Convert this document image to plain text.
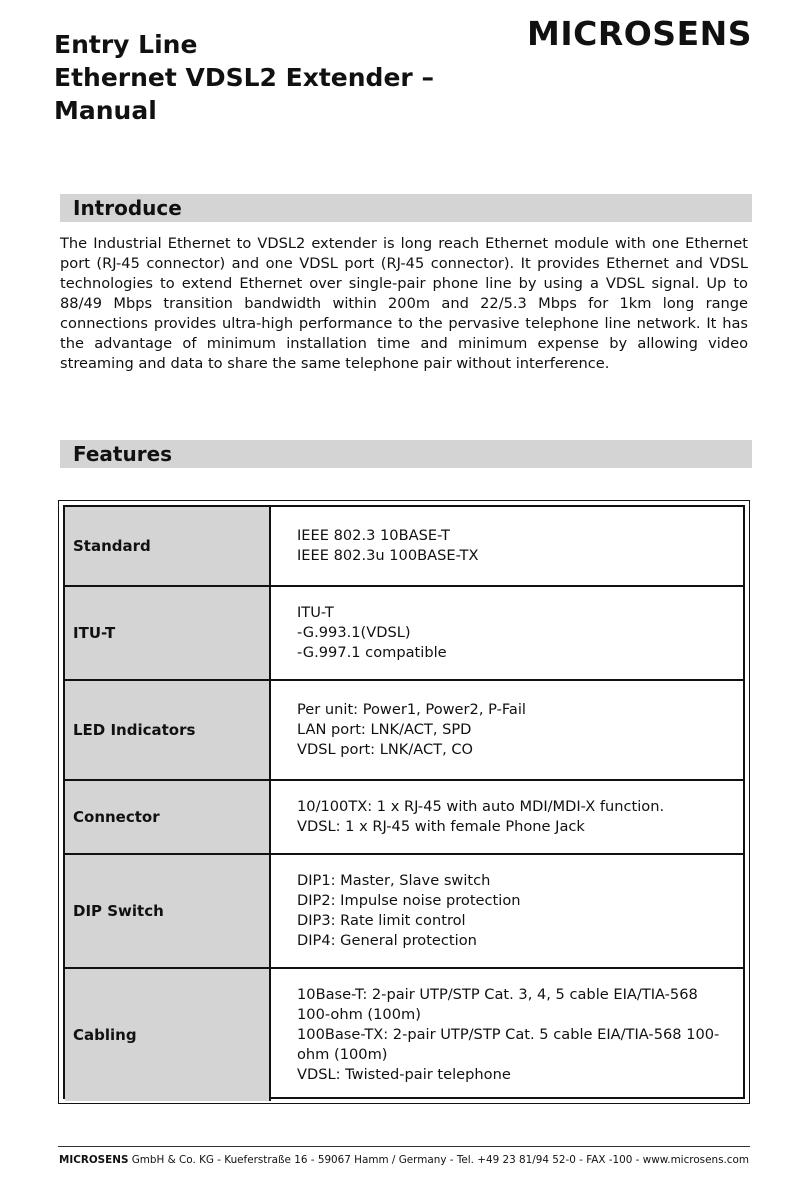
Entry Line
Ethernet VDSL2 Extender –
Manual
MICROSENS
Introduce
The Industrial Ethernet to VDSL2 extender is long reach Ethernet module with one Ethernet port (RJ-45 connector) and one VDSL port (RJ-45 connector). It provides Ethernet and VDSL technologies to extend Ethernet over single-pair phone line by using a VDSL signal. Up to 88/49 Mbps transition bandwidth within 200m and 22/5.3 Mbps for 1km long range connections provides ultra-high performance to the pervasive telephone line network. It has the advantage of minimum installation time and minimum expense by allowing video streaming and data to share the same telephone pair without interference.
Features
Standard
IEEE 802.3 10BASE-T
IEEE 802.3u 100BASE-TX
ITU-T
ITU-T
-G.993.1(VDSL)
-G.997.1 compatible
LED Indicators
Per unit: Power1, Power2, P-Fail
LAN port: LNK/ACT, SPD
VDSL port: LNK/ACT, CO
Connector
10/100TX: 1 x RJ-45 with auto MDI/MDI-X function.
VDSL: 1 x RJ-45 with female Phone Jack
DIP Switch
DIP1: Master, Slave switch
DIP2: Impulse noise protection
DIP3: Rate limit control
DIP4: General protection
Cabling
10Base-T: 2-pair UTP/STP Cat. 3, 4, 5 cable EIA/TIA-568
100-ohm (100m)
100Base-TX: 2-pair UTP/STP Cat. 5 cable EIA/TIA-568 100-
ohm (100m)
VDSL: Twisted-pair telephone
MICROSENS GmbH & Co. KG - Kueferstraße 16 - 59067 Hamm / Germany - Tel. +49 23 81/94 52-0 - FAX -100 - www.microsens.com
